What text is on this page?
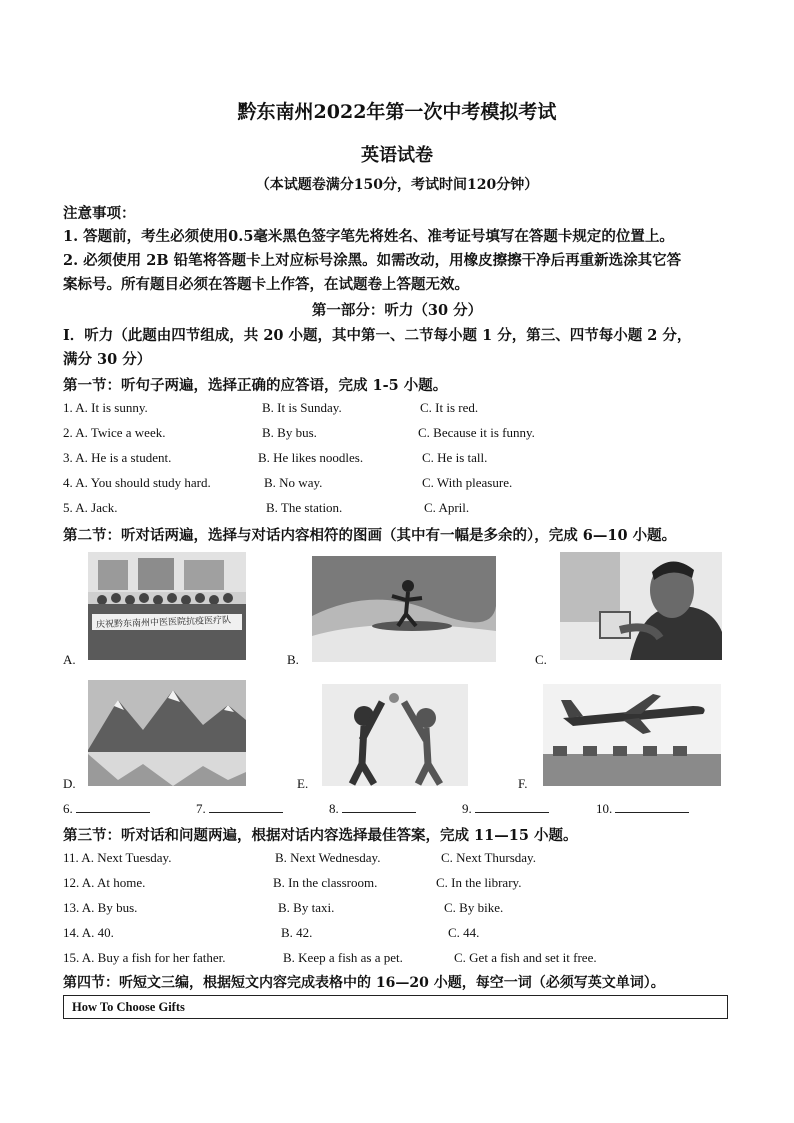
黔东南州2022年第一次中考模拟考试
英语试卷
（本试题卷满分150分，考试时间120分钟）
注意事项：
1. 答题前，考生必须使用0.5毫米黑色签字笔先将姓名、准考证号填写在答题卡规定的位置上。
2. 必须使用 2B 铅笔将答题卡上对应标号涂黑。如需改动，用橡皮擦擦干净后再重新选涂其它答
案标号。所有题目必须在答题卡上作答，在试题卷上答题无效。
第一部分：听力（30 分）
Ⅰ．听力（此题由四节组成，共 20 小题，其中第一、二节每小题 1 分，第三、四节每小题 2 分，
满分 30 分）
第一节：听句子两遍，选择正确的应答语，完成 1-5 小题。
1. A. It is sunny.	B. It is Sunday.	C. It is red.
2. A. Twice a week.	B. By bus.	C. Because it is funny.
3. A. He is a student.	B. He likes noodles.	C. He is tall.
4. A. You should study hard.	B. No way.	C. With pleasure.
5. A. Jack.	B. The station.	C. April.
第二节：听对话两遍，选择与对话内容相符的图画（其中有一幅是多余的），完成 6—10 小题。
庆祝黔东南州中医医院抗疫医疗队
A.	B.	C.
D.	E.	F.
6.	7.	8.	9.	10.
第三节：听对话和问题两遍，根据对话内容选择最佳答案，完成 11—15 小题。
11. A. Next Tuesday.	B. Next Wednesday.	C. Next Thursday.
12. A. At home.	B. In the classroom.	C. In the library.
13. A. By bus.	B. By taxi.	C. By bike.
14. A. 40.	B. 42.	C. 44.
15. A. Buy a fish for her father.	B. Keep a fish as a pet.	C. Get a fish and set it free.
第四节：听短文三编，根据短文内容完成表格中的 16—20 小题，每空一词（必须写英文单词）。
How To Choose Gifts
